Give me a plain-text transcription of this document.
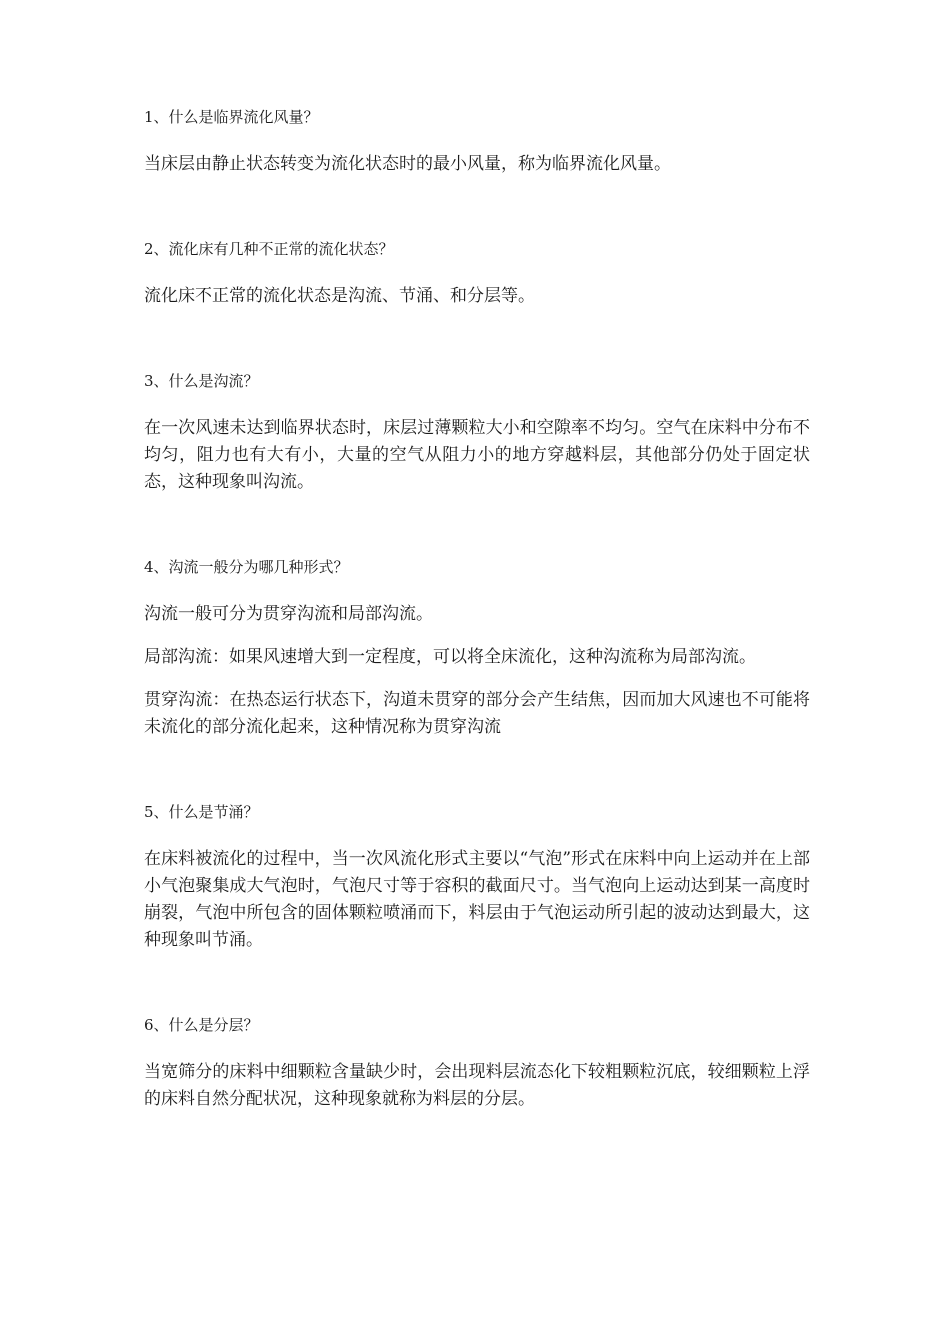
1、什么是临界流化风量？
当床层由静止状态转变为流化状态时的最小风量，称为临界流化风量。
2、流化床有几种不正常的流化状态？
流化床不正常的流化状态是沟流、节涌、和分层等。
3、什么是沟流？
在一次风速未达到临界状态时，床层过薄颗粒大小和空隙率不均匀。空气在床料中分布不均匀，阻力也有大有小，大量的空气从阻力小的地方穿越料层，其他部分仍处于固定状态，这种现象叫沟流。
4、沟流一般分为哪几种形式？
沟流一般可分为贯穿沟流和局部沟流。
局部沟流：如果风速增大到一定程度，可以将全床流化，这种沟流称为局部沟流。
贯穿沟流：在热态运行状态下，沟道未贯穿的部分会产生结焦，因而加大风速也不可能将未流化的部分流化起来，这种情况称为贯穿沟流
5、什么是节涌？
在床料被流化的过程中，当一次风流化形式主要以“气泡”形式在床料中向上运动并在上部小气泡聚集成大气泡时，气泡尺寸等于容积的截面尺寸。当气泡向上运动达到某一高度时崩裂，气泡中所包含的固体颗粒喷涌而下，料层由于气泡运动所引起的波动达到最大，这种现象叫节涌。
6、什么是分层？
当宽筛分的床料中细颗粒含量缺少时，会出现料层流态化下较粗颗粒沉底，较细颗粒上浮的床料自然分配状况，这种现象就称为料层的分层。
